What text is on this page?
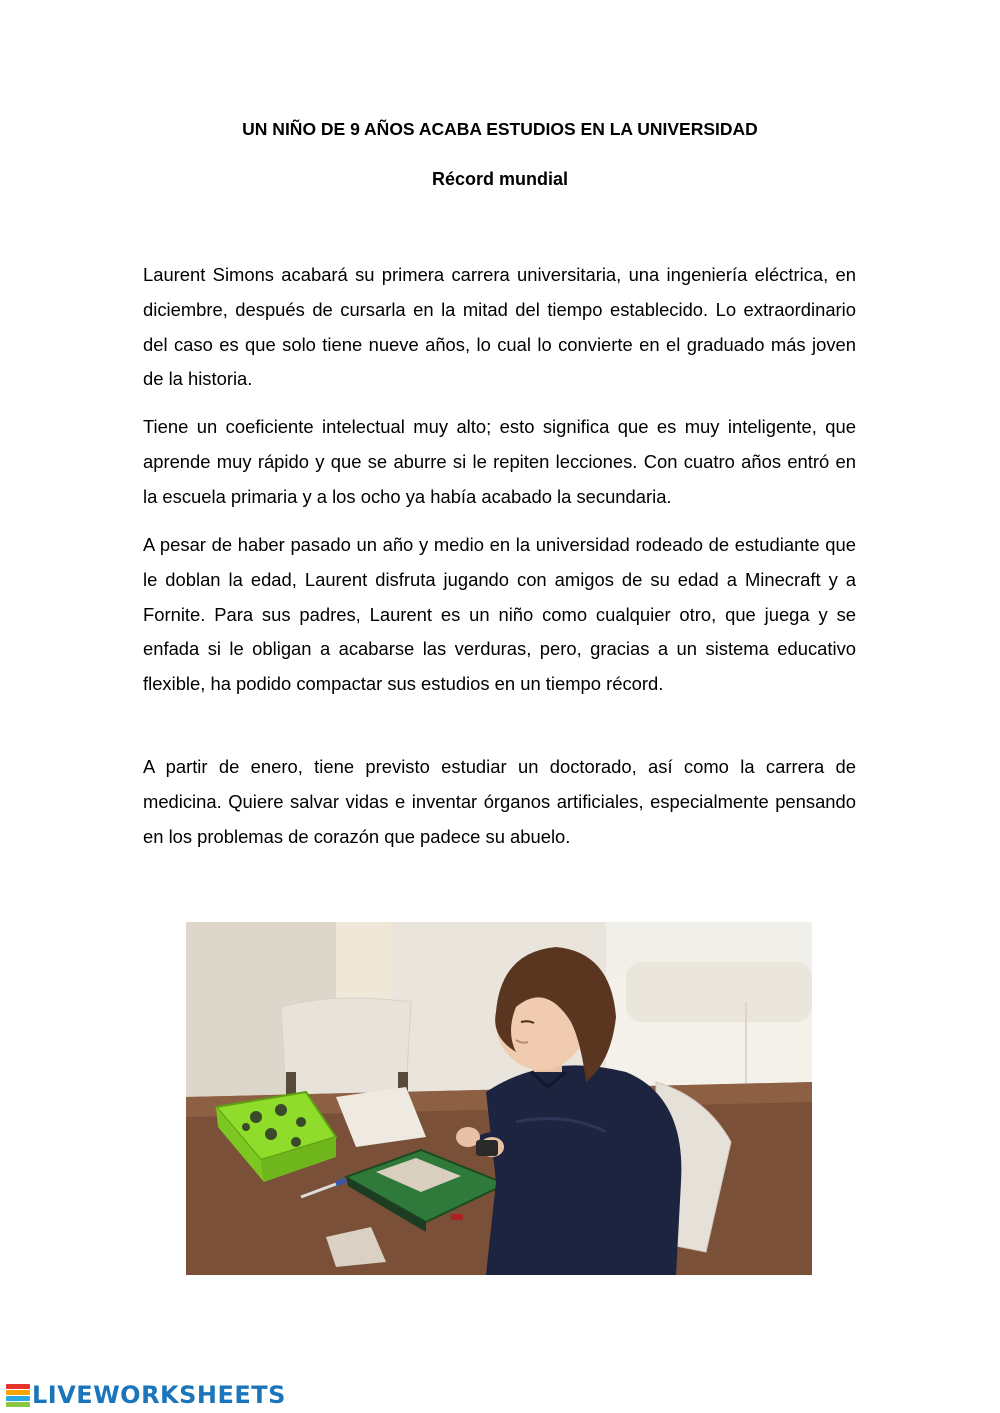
UN NIÑO DE 9 AÑOS ACABA ESTUDIOS EN LA UNIVERSIDAD
Récord mundial

Laurent Simons acabará su primera carrera universitaria, una ingeniería eléctrica, en diciembre, después de cursarla en la mitad del tiempo establecido. Lo extraordinario del caso es que solo tiene nueve años, lo cual lo convierte en el graduado más joven de la historia.

Tiene un coeficiente intelectual muy alto; esto significa que es muy inteligente, que aprende muy rápido y que se aburre si le repiten lecciones. Con cuatro años entró en la escuela primaria y a los ocho ya había acabado la secundaria.

A pesar de haber pasado un año y medio en la universidad rodeado de estudiante que le doblan la edad, Laurent disfruta jugando con amigos de su edad a Minecraft y a Fornite. Para sus padres, Laurent es un niño como cualquier otro, que juega y se enfada si le obligan a acabarse las verduras, pero, gracias a un sistema educativo flexible, ha podido compactar sus estudios en un tiempo récord.

A partir de enero, tiene previsto estudiar un doctorado, así como la carrera de medicina. Quiere salvar vidas e inventar órganos artificiales, especialmente pensando en los problemas de corazón que padece su abuelo.

LIVEWORKSHEETS
